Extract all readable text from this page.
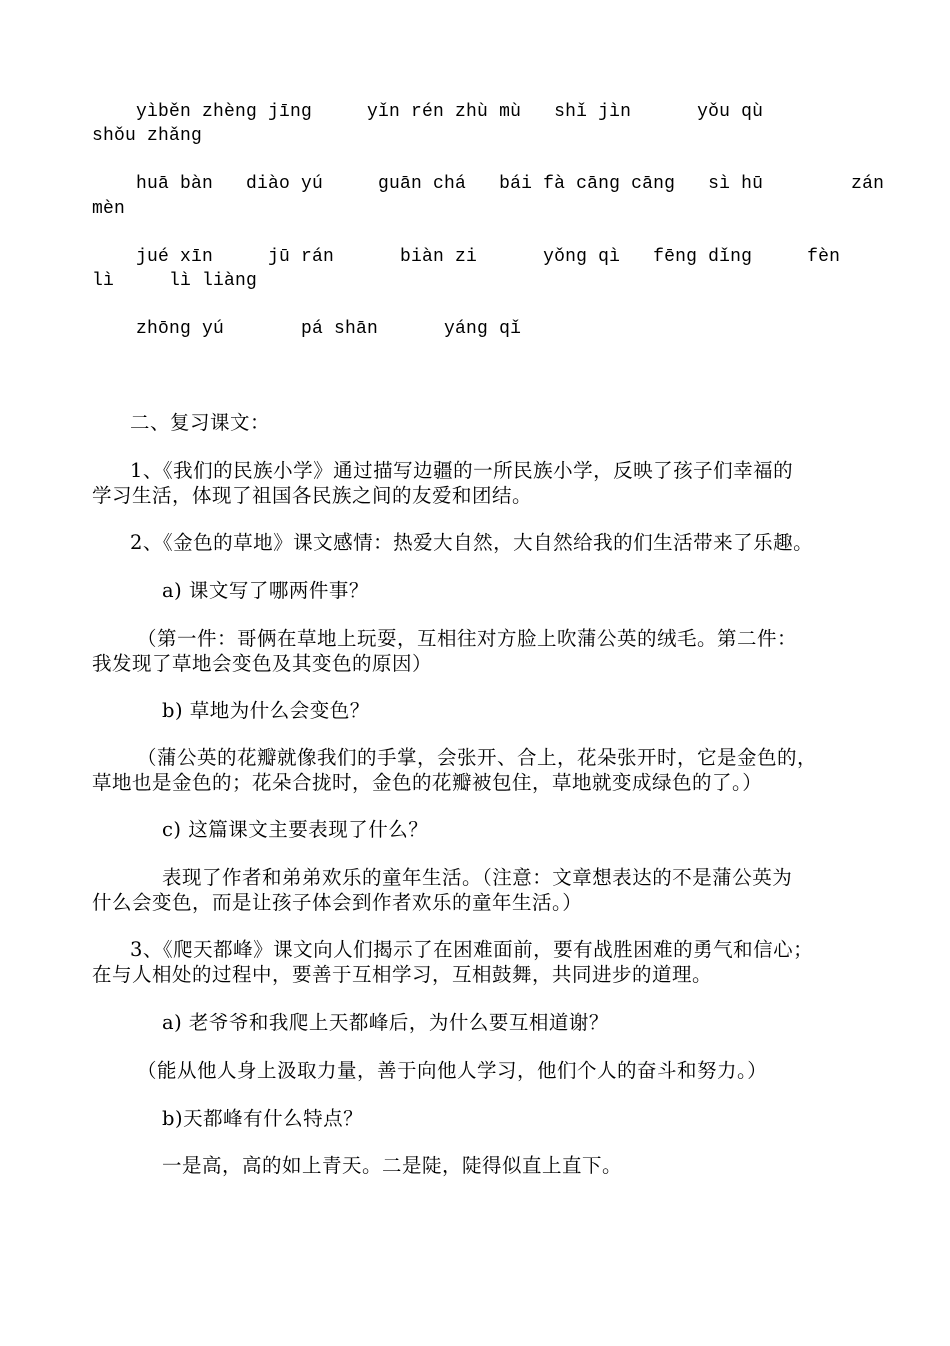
yìběn zhèng jīng     yǐn rén zhù mù   shǐ jìn      yǒu qù
shǒu zhǎng
huā bàn   diào yú     guān chá   bái fà cāng cāng   sì hū        zán
mèn
jué xīn     jū rán      biàn zi      yǒng qì   fēng dǐng     fèn
lì     lì liàng
zhōng yú       pá shān      yáng qǐ
二、复习课文：
1、《我们的民族小学》通过描写边疆的一所民族小学，反映了孩子们幸福的
学习生活，体现了祖国各民族之间的友爱和团结。
2、《金色的草地》课文感情：热爱大自然，大自然给我的们生活带来了乐趣。
a) 课文写了哪两件事？
（第一件：哥俩在草地上玩耍，互相往对方脸上吹蒲公英的绒毛。第二件：
我发现了草地会变色及其变色的原因）
b) 草地为什么会变色？
（蒲公英的花瓣就像我们的手掌，会张开、合上，花朵张开时，它是金色的，
草地也是金色的；花朵合拢时，金色的花瓣被包住，草地就变成绿色的了。）
c) 这篇课文主要表现了什么？
表现了作者和弟弟欢乐的童年生活。（注意：文章想表达的不是蒲公英为
什么会变色，而是让孩子体会到作者欢乐的童年生活。）
3、《爬天都峰》课文向人们揭示了在困难面前，要有战胜困难的勇气和信心；
在与人相处的过程中，要善于互相学习，互相鼓舞，共同进步的道理。
a) 老爷爷和我爬上天都峰后，为什么要互相道谢？
（能从他人身上汲取力量，善于向他人学习，他们个人的奋斗和努力。）
b)天都峰有什么特点？
一是高，高的如上青天。二是陡，陡得似直上直下。
